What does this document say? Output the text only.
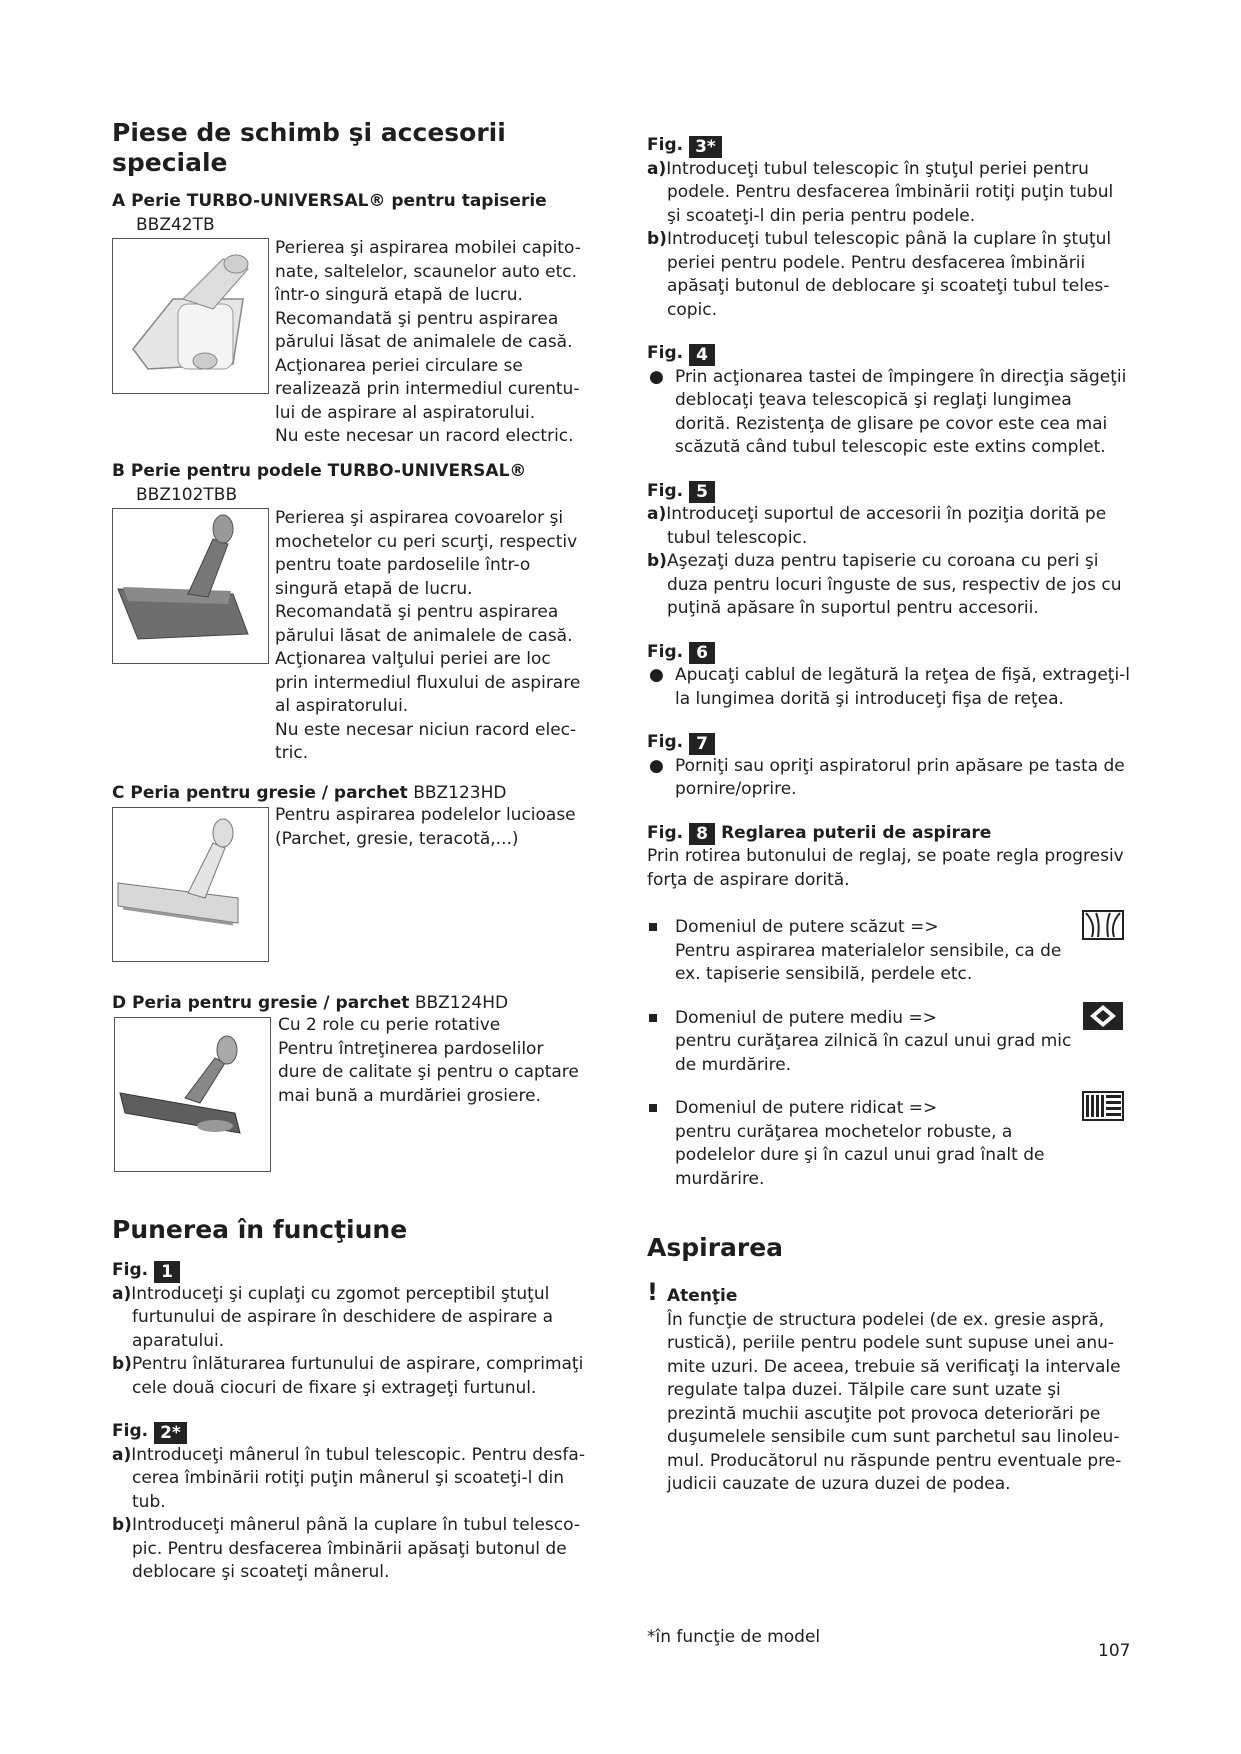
Piese de schimb şi accesorii speciale
A Perie TURBO-UNIVERSAL® pentru tapiserie
BBZ42TB
Perierea şi aspirarea mobilei capito-
nate, saltelelor, scaunelor auto etc.
într-o singură etapă de lucru.
Recomandată şi pentru aspirarea
părului lăsat de animalele de casă.
Acţionarea periei circulare se
realizează prin intermediul curentu-
lui de aspirare al aspiratorului.
Nu este necesar un racord electric.
B Perie pentru podele TURBO-UNIVERSAL®
BBZ102TBB
Perierea şi aspirarea covoarelor şi
mochetelor cu peri scurţi, respectiv
pentru toate pardoselile într-o
singură etapă de lucru.
Recomandată şi pentru aspirarea
părului lăsat de animalele de casă.
Acţionarea valţului periei are loc
prin intermediul fluxului de aspirare
al aspiratorului.
Nu este necesar niciun racord elec-
tric.
C Peria pentru gresie / parchet BBZ123HD
Pentru aspirarea podelelor lucioase
(Parchet, gresie, teracotă,...)
D Peria pentru gresie / parchet BBZ124HD
Cu 2 role cu perie rotative
Pentru întreţinerea pardoselilor
dure de calitate şi pentru o captare
mai bună a murdăriei grosiere.
Punerea în funcţiune
Fig. 1
a)Introduceţi şi cuplaţi cu zgomot perceptibil ştuţul furtunului de aspirare în deschidere de aspirare a aparatului.
b)Pentru înlăturarea furtunului de aspirare, comprimaţi cele două ciocuri de fixare şi extrageţi furtunul.
Fig. 2*
a)Introduceţi mânerul în tubul telescopic. Pentru desfa-cerea îmbinării rotiţi puţin mânerul şi scoateţi-l din tub.
b)Introduceţi mânerul până la cuplare în tubul telesco-pic. Pentru desfacerea îmbinării apăsaţi butonul de deblocare şi scoateţi mânerul.
Fig. 3*
a)Introduceţi tubul telescopic în ştuţul periei pentru podele. Pentru desfacerea îmbinării rotiţi puţin tubul şi scoateţi-l din peria pentru podele.
b)Introduceţi tubul telescopic până la cuplare în ştuţul periei pentru podele. Pentru desfacerea îmbinării apăsaţi butonul de deblocare şi scoateţi tubul teles-copic.
Fig. 4
● Prin acţionarea tastei de împingere în direcţia săgeţii deblocaţi ţeava telescopică şi reglaţi lungimea dorită. Rezistenţa de glisare pe covor este cea mai scăzută când tubul telescopic este extins complet.
Fig. 5
a)Introduceţi suportul de accesorii în poziţia dorită pe tubul telescopic.
b)Aşezaţi duza pentru tapiserie cu coroana cu peri şi duza pentru locuri înguste de sus, respectiv de jos cu puţină apăsare în suportul pentru accesorii.
Fig. 6
● Apucaţi cablul de legătură la reţea de fişă, extrageţi-l la lungimea dorită şi introduceţi fişa de reţea.
Fig. 7
● Porniţi sau opriţi aspiratorul prin apăsare pe tasta de pornire/oprire.
Fig. 8 Reglarea puterii de aspirare
Prin rotirea butonului de reglaj, se poate regla progresiv forţa de aspirare dorită.
Domeniul de putere scăzut =>
Pentru aspirarea materialelor sensibile, ca de ex. tapiserie sensibilă, perdele etc.
Domeniul de putere mediu =>
pentru curăţarea zilnică în cazul unui grad mic de murdărire.
Domeniul de putere ridicat =>
pentru curăţarea mochetelor robuste, a podelelor dure şi în cazul unui grad înalt de murdărire.
Aspirarea
! Atenţie
În funcţie de structura podelei (de ex. gresie aspră, rustică), periile pentru podele sunt supuse unei anu-mite uzuri. De aceea, trebuie să verificaţi la intervale regulate talpa duzei. Tălpile care sunt uzate şi prezintă muchii ascuţite pot provoca deteriorări pe duşumelele sensibile cum sunt parchetul sau linoleu-mul. Producătorul nu răspunde pentru eventuale pre-judicii cauzate de uzura duzei de podea.
*în funcţie de model
107
